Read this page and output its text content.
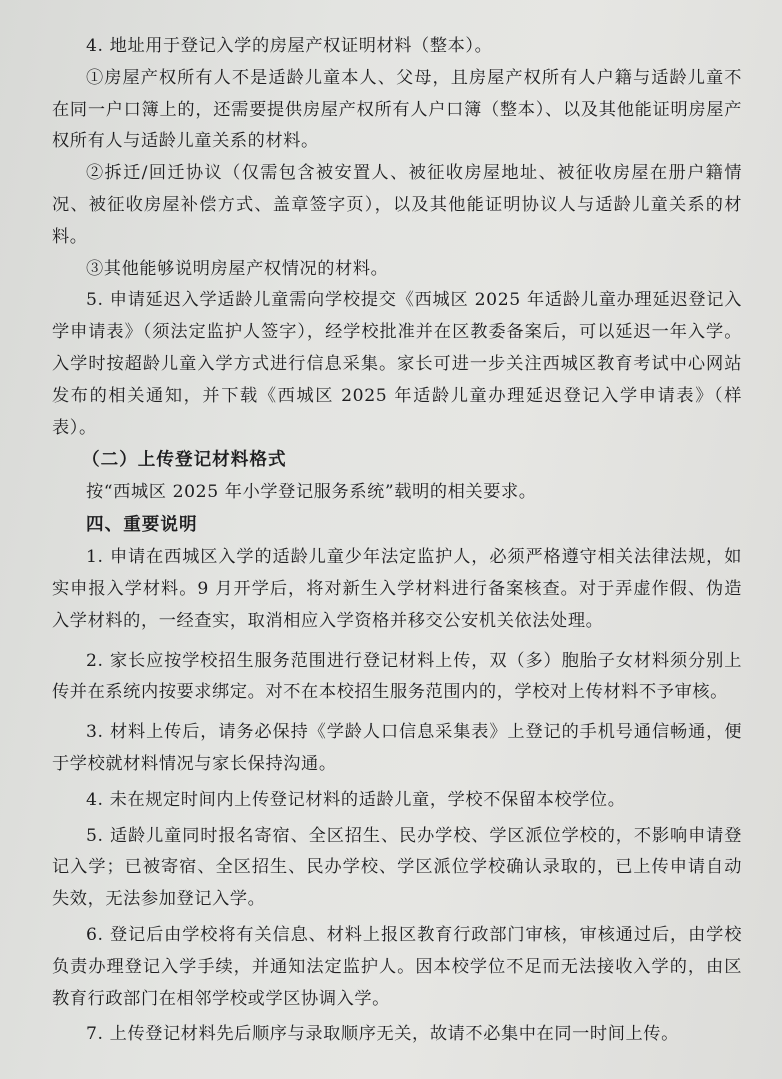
4. 地址用于登记入学的房屋产权证明材料（整本）。

①房屋产权所有人不是适龄儿童本人、父母，且房屋产权所有人户籍与适龄儿童不在同一户口簿上的，还需要提供房屋产权所有人户口簿（整本）、以及其他能证明房屋产权所有人与适龄儿童关系的材料。

②拆迁/回迁协议（仅需包含被安置人、被征收房屋地址、被征收房屋在册户籍情况、被征收房屋补偿方式、盖章签字页），以及其他能证明协议人与适龄儿童关系的材料。

③其他能够说明房屋产权情况的材料。

5. 申请延迟入学适龄儿童需向学校提交《西城区 2025 年适龄儿童办理延迟登记入学申请表》（须法定监护人签字），经学校批准并在区教委备案后，可以延迟一年入学。入学时按超龄儿童入学方式进行信息采集。家长可进一步关注西城区教育考试中心网站发布的相关通知，并下载《西城区 2025 年适龄儿童办理延迟登记入学申请表》（样表）。

（二）上传登记材料格式

按“西城区 2025 年小学登记服务系统”载明的相关要求。

四、重要说明

1. 申请在西城区入学的适龄儿童少年法定监护人，必须严格遵守相关法律法规，如实申报入学材料。9 月开学后，将对新生入学材料进行备案核查。对于弄虚作假、伪造入学材料的，一经查实，取消相应入学资格并移交公安机关依法处理。

2. 家长应按学校招生服务范围进行登记材料上传，双（多）胞胎子女材料须分别上传并在系统内按要求绑定。对不在本校招生服务范围内的，学校对上传材料不予审核。

3. 材料上传后，请务必保持《学龄人口信息采集表》上登记的手机号通信畅通，便于学校就材料情况与家长保持沟通。

4. 未在规定时间内上传登记材料的适龄儿童，学校不保留本校学位。

5. 适龄儿童同时报名寄宿、全区招生、民办学校、学区派位学校的，不影响申请登记入学；已被寄宿、全区招生、民办学校、学区派位学校确认录取的，已上传申请自动失效，无法参加登记入学。

6. 登记后由学校将有关信息、材料上报区教育行政部门审核，审核通过后，由学校负责办理登记入学手续，并通知法定监护人。因本校学位不足而无法接收入学的，由区教育行政部门在相邻学校或学区协调入学。

7. 上传登记材料先后顺序与录取顺序无关，故请不必集中在同一时间上传。
